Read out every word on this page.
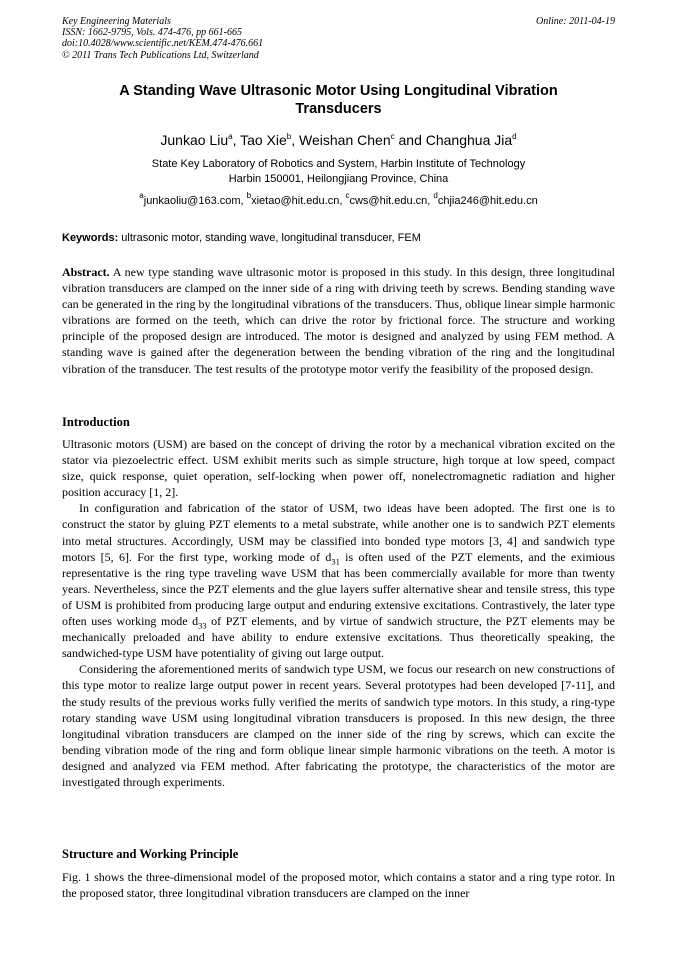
Key Engineering Materials
ISSN: 1662-9795, Vols. 474-476, pp 661-665
doi:10.4028/www.scientific.net/KEM.474-476.661
© 2011 Trans Tech Publications Ltd, Switzerland
Online: 2011-04-19
A Standing Wave Ultrasonic Motor Using Longitudinal Vibration
Transducers
Junkao Liu$^a$, Tao Xie$^b$, Weishan Chen$^c$ and Changhua Jia$^d$
State Key Laboratory of Robotics and System, Harbin Institute of Technology
Harbin 150001, Heilongjiang Province, China
$^a$junkaoliu@163.com, $^b$xietao@hit.edu.cn, $^c$cws@hit.edu.cn, $^d$chjia246@hit.edu.cn
Keywords: ultrasonic motor, standing wave, longitudinal transducer, FEM

Abstract. A new type standing wave ultrasonic motor is proposed in this study. In this design, three longitudinal vibration transducers are clamped on the inner side of a ring with driving teeth by screws. Bending standing wave can be generated in the ring by the longitudinal vibrations of the transducers. Thus, oblique linear simple harmonic vibrations are formed on the teeth, which can drive the rotor by frictional force. The structure and working principle of the proposed design are introduced. The motor is designed and analyzed by using FEM method. A standing wave is gained after the degeneration between the bending vibration of the ring and the longitudinal vibration of the transducer. The test results of the prototype motor verify the feasibility of the proposed design.

Introduction

Ultrasonic motors (USM) are based on the concept of driving the rotor by a mechanical vibration excited on the stator via piezoelectric effect. USM exhibit merits such as simple structure, high torque at low speed, compact size, quick response, quiet operation, self-locking when power off, nonelectromagnetic radiation and higher position accuracy [1, 2].

In configuration and fabrication of the stator of USM, two ideas have been adopted. The first one is to construct the stator by gluing PZT elements to a metal substrate, while another one is to sandwich PZT elements into metal structures. Accordingly, USM may be classified into bonded type motors [3, 4] and sandwich type motors [5, 6]. For the first type, working mode of $d_{31}$ is often used of the PZT elements, and the eximious representative is the ring type traveling wave USM that has been commercially available for more than twenty years. Nevertheless, since the PZT elements and the glue layers suffer alternative shear and tensile stress, this type of USM is prohibited from producing large output and enduring extensive excitations. Contrastively, the later type often uses working mode $d_{33}$ of PZT elements, and by virtue of sandwich structure, the PZT elements may be mechanically preloaded and have ability to endure extensive excitations. Thus theoretically speaking, the sandwiched-type USM have potentiality of giving out large output.

Considering the aforementioned merits of sandwich type USM, we focus our research on new constructions of this type motor to realize large output power in recent years. Several prototypes had been developed [7-11], and the study results of the previous works fully verified the merits of sandwich type motors. In this study, a ring-type rotary standing wave USM using longitudinal vibration transducers is proposed. In this new design, the three longitudinal vibration transducers are clamped on the inner side of the ring by screws, which can excite the bending vibration mode of the ring and form oblique linear simple harmonic vibrations on the teeth. A motor is designed and analyzed via FEM method. After fabricating the prototype, the characteristics of the motor are investigated through experiments.

Structure and Working Principle

Fig. 1 shows the three-dimensional model of the proposed motor, which contains a stator and a ring type rotor. In the proposed stator, three longitudinal vibration transducers are clamped on the inner
